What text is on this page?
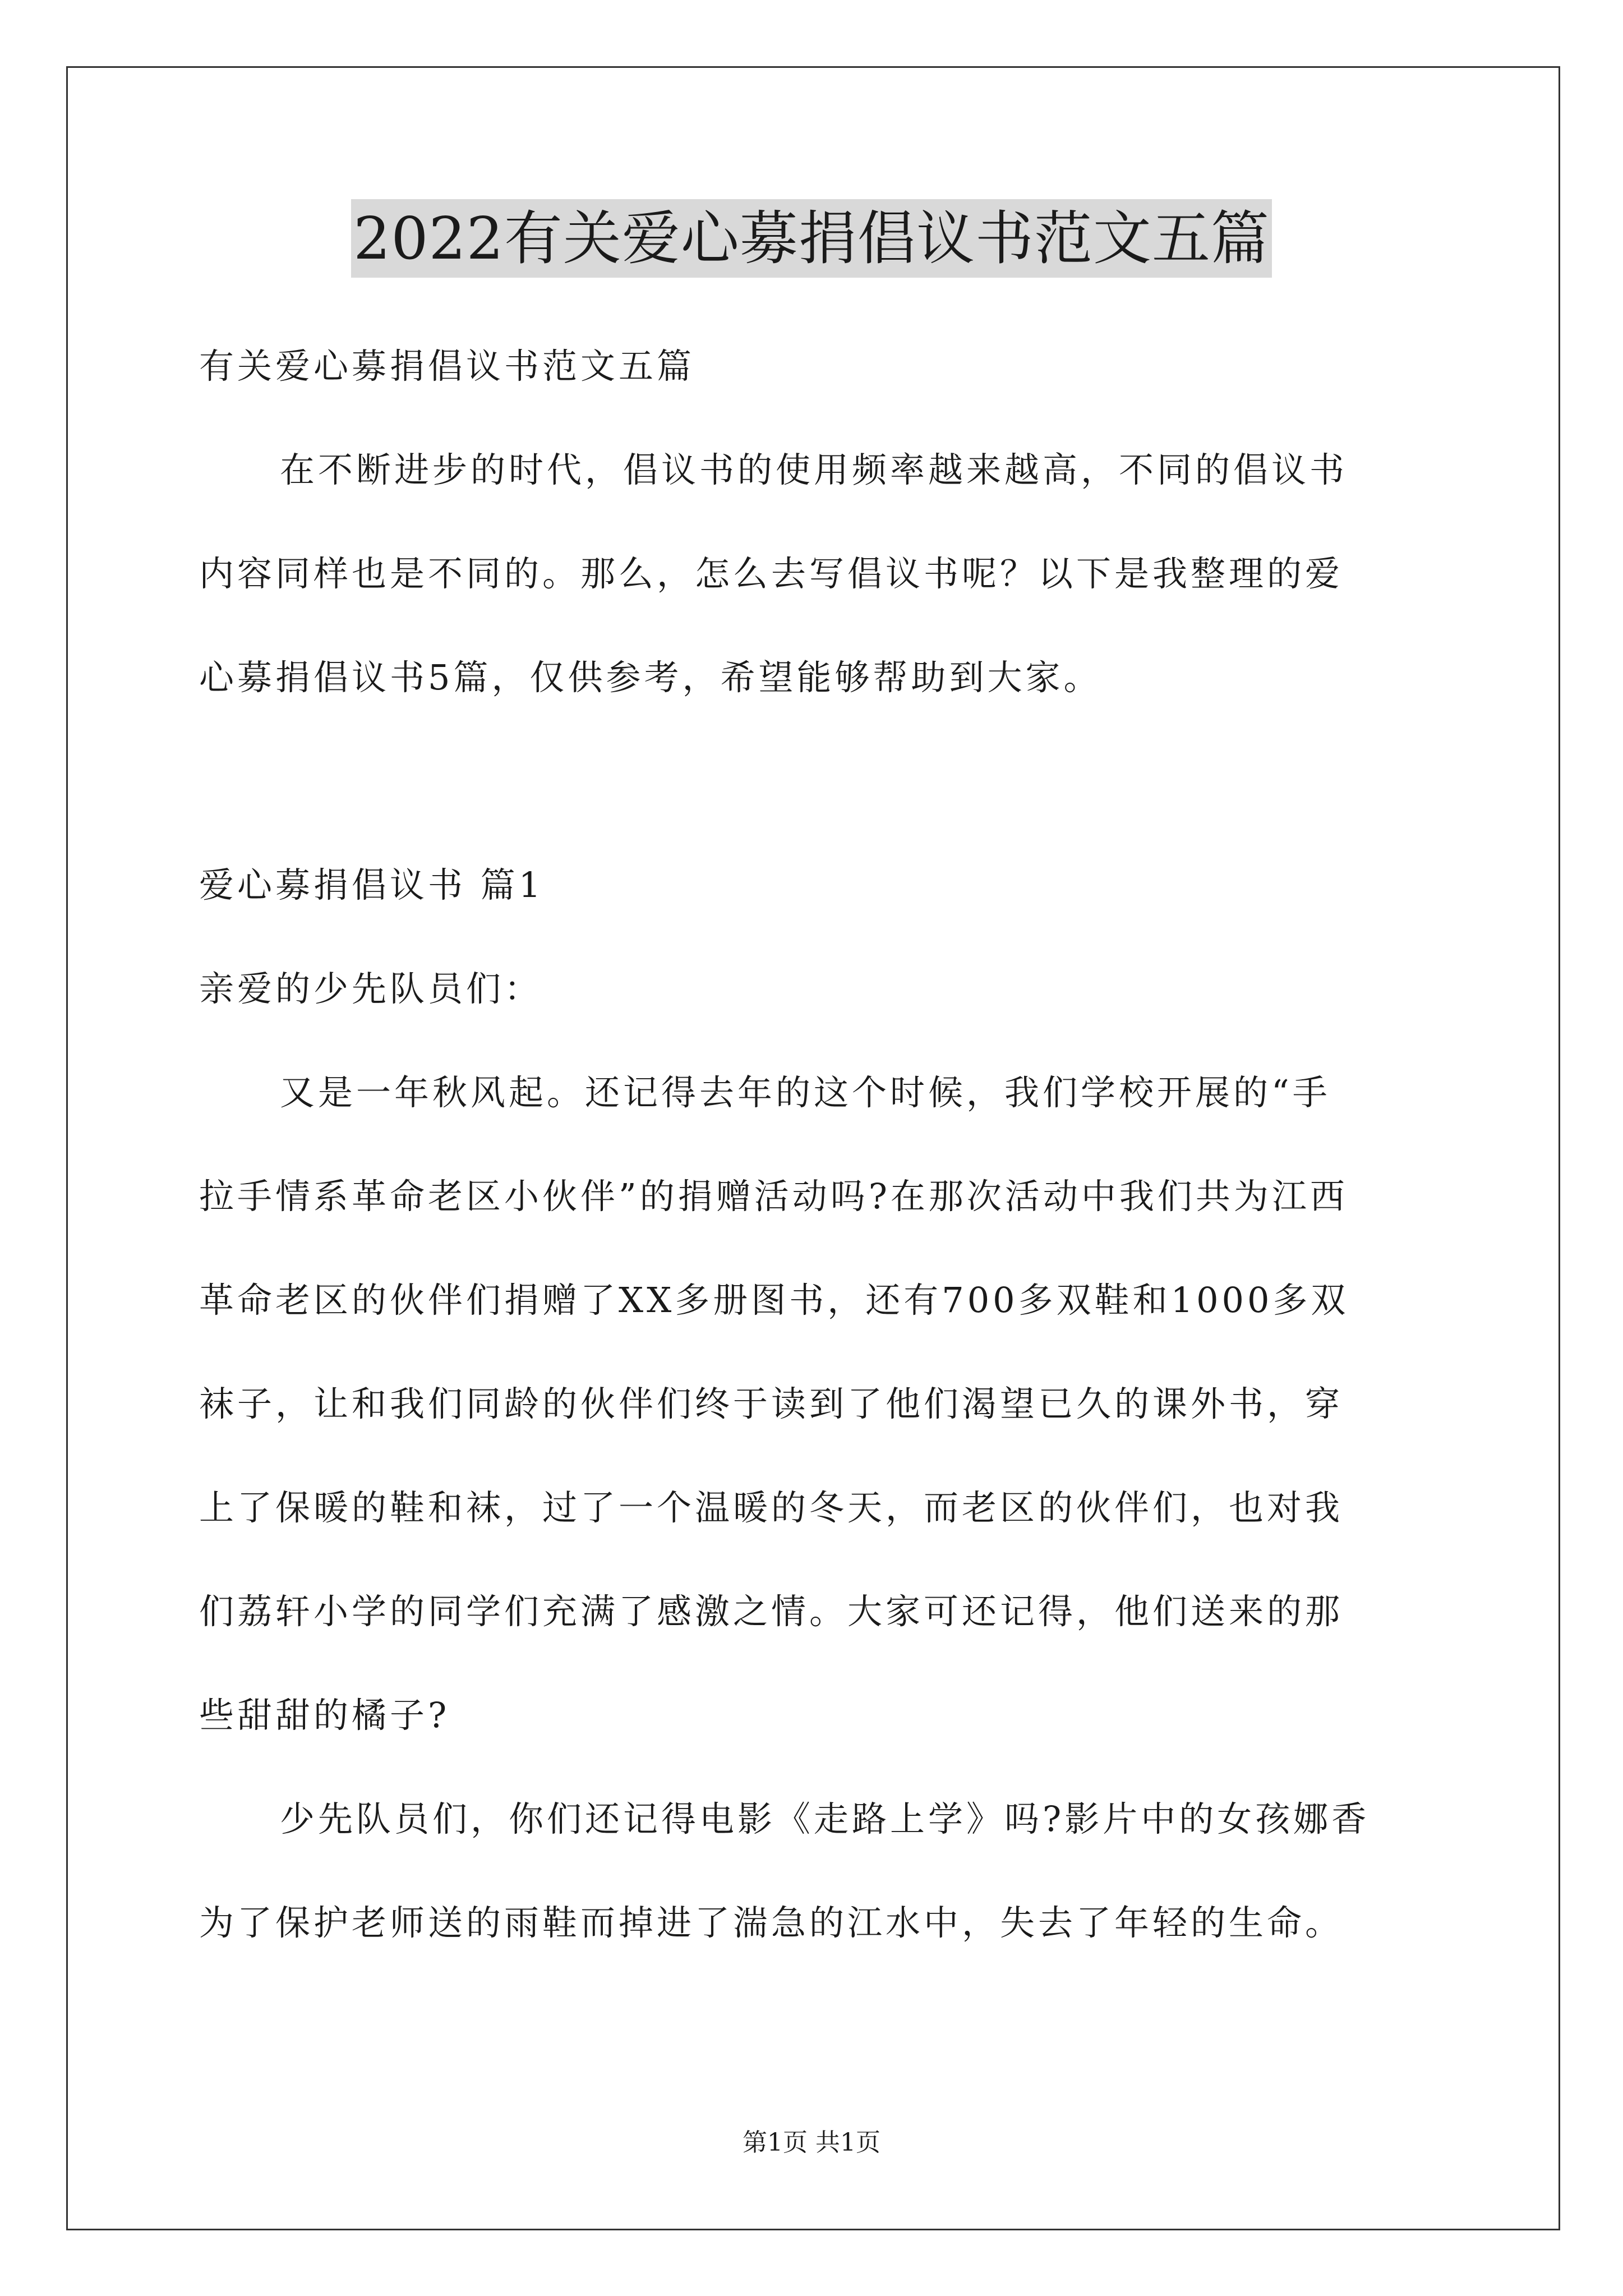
2022有关爱心募捐倡议书范文五篇
有关爱心募捐倡议书范文五篇
在不断进步的时代，倡议书的使用频率越来越高，不同的倡议书
内容同样也是不同的。那么，怎么去写倡议书呢？以下是我整理的爱
心募捐倡议书5篇，仅供参考，希望能够帮助到大家。
爱心募捐倡议书 篇1
亲爱的少先队员们：
又是一年秋风起。还记得去年的这个时候，我们学校开展的“手
拉手情系革命老区小伙伴”的捐赠活动吗?在那次活动中我们共为江西
革命老区的伙伴们捐赠了XX多册图书，还有700多双鞋和1000多双
袜子，让和我们同龄的伙伴们终于读到了他们渴望已久的课外书，穿
上了保暖的鞋和袜，过了一个温暖的冬天，而老区的伙伴们，也对我
们荔轩小学的同学们充满了感激之情。大家可还记得，他们送来的那
些甜甜的橘子?
少先队员们，你们还记得电影《走路上学》吗?影片中的女孩娜香
为了保护老师送的雨鞋而掉进了湍急的江水中，失去了年轻的生命。
第1页 共1页
